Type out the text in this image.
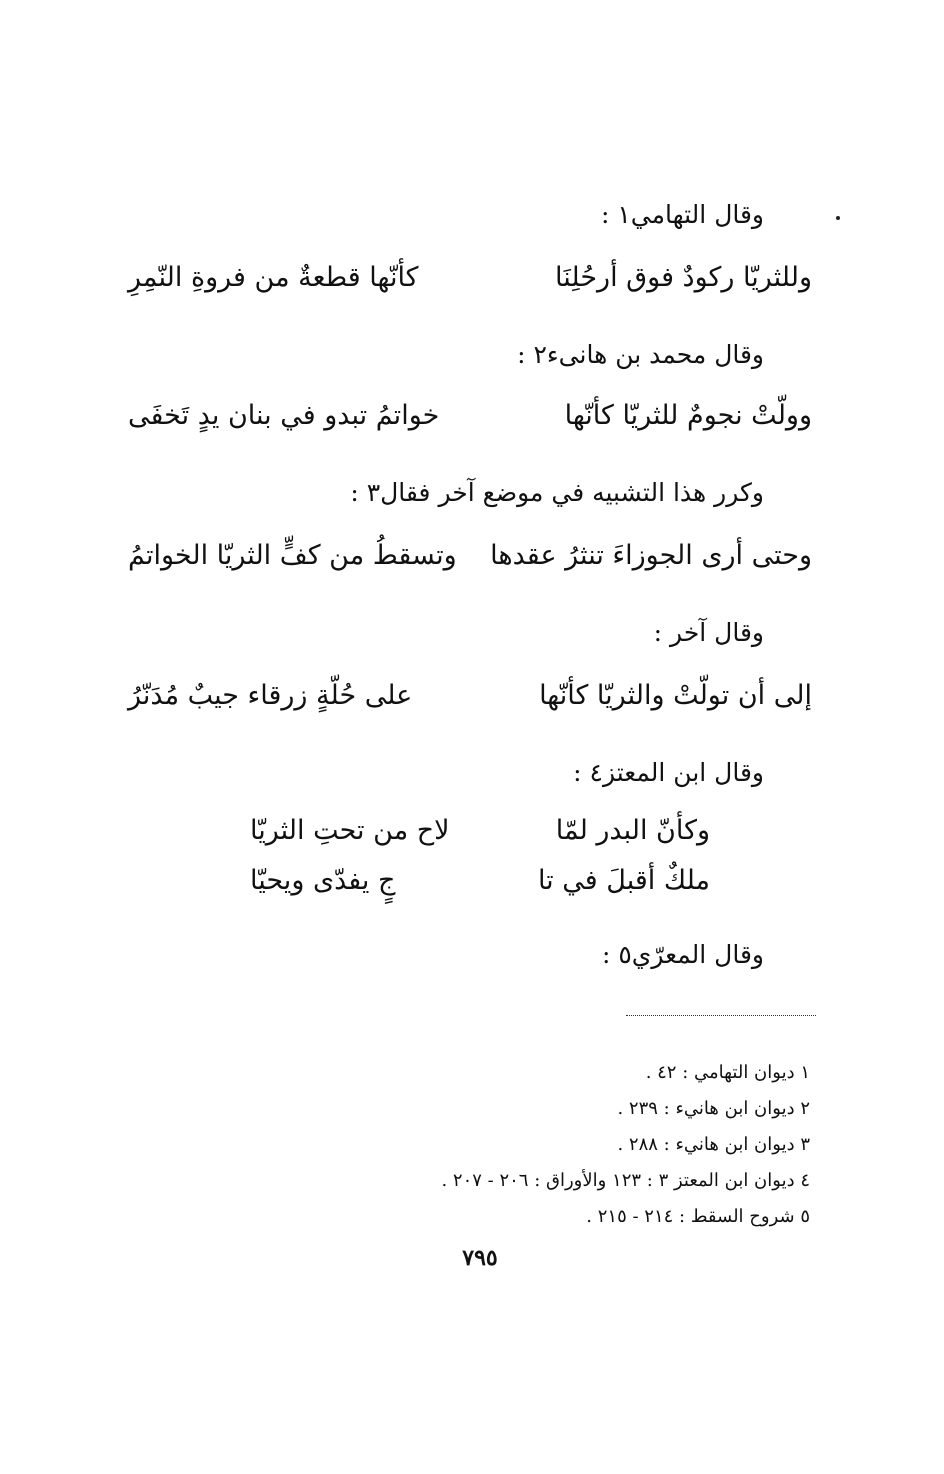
وقال التهامي١ :
وللثريّا ركودٌ فوق أرحُلِنَا
كأنّها قطعةٌ من فروةِ النّمِرِ
وقال محمد بن هانىء٢ :
وولّتْ نجومٌ للثريّا كأنّها
خواتمُ تبدو في بنان يدٍ تَخفَى
وكرر هذا التشبيه في موضع آخر فقال٣ :
وحتى أرى الجوزاءَ تنثرُ عقدها
وتسقطُ من كفٍّ الثريّا الخواتمُ
وقال آخر :
إلى أن تولّتْ والثريّا كأنّها
على حُلّةٍ زرقاء جيبٌ مُدَنّرُ
وقال ابن المعتز٤ :
وكأنّ البدر لمّا
لاح من تحتِ الثريّا
ملكٌ أقبلَ في تا
جٍ يفدّى ويحيّا
وقال المعرّي٥ :
١ ديوان التهامي : ٤٢ .
٢ ديوان ابن هانيء : ٢٣٩ .
٣ ديوان ابن هانيء : ٢٨٨ .
٤ ديوان ابن المعتز ٣ : ١٢٣ والأوراق : ٢٠٦ - ٢٠٧ .
٥ شروح السقط : ٢١٤ - ٢١٥ .
٧٩٥
